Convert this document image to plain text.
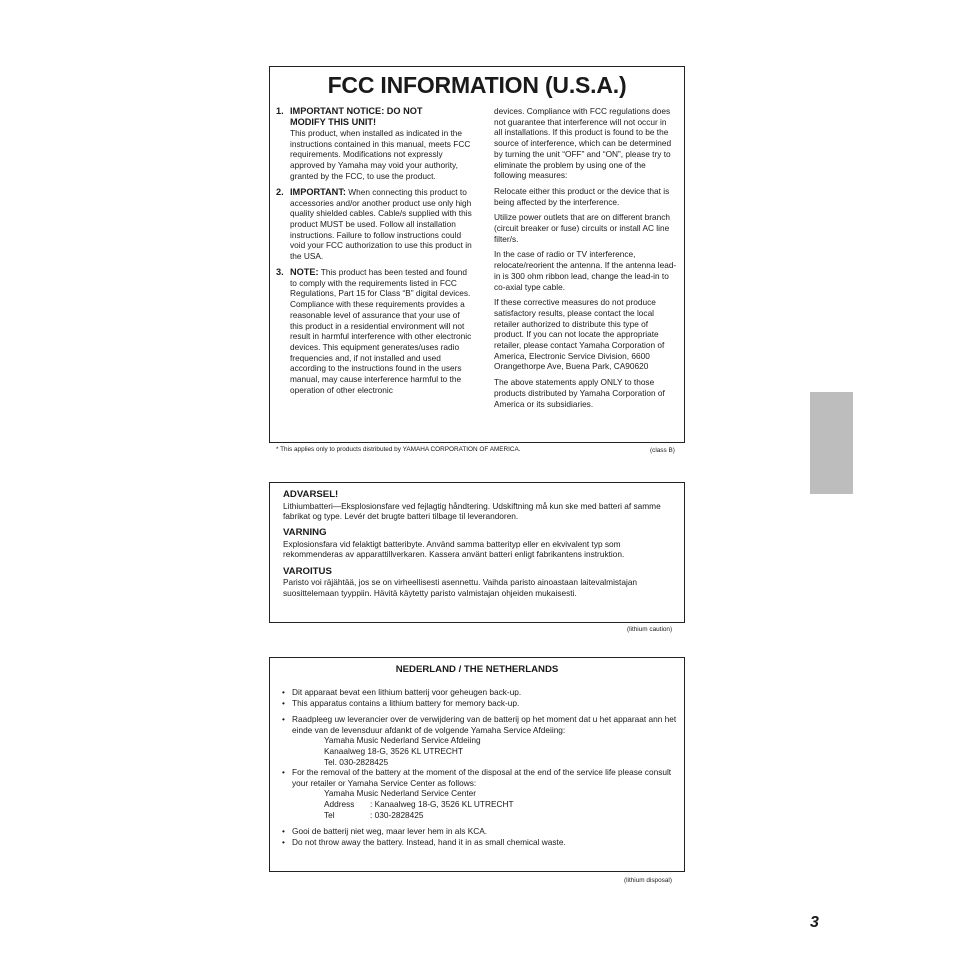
FCC INFORMATION (U.S.A.)
1. IMPORTANT NOTICE: DO NOT
MODIFY THIS UNIT!
This product, when installed as indicated in the instructions contained in this manual, meets FCC requirements. Modifications not expressly approved by Yamaha may void your authority, granted by the FCC, to use the product.
2. IMPORTANT: When connecting this product to accessories and/or another product use only high quality shielded cables. Cable/s supplied with this product MUST be used. Follow all installation instructions. Failure to follow instructions could void your FCC authorization to use this product in the USA.
3. NOTE: This product has been tested and found to comply with the requirements listed in FCC Regulations, Part 15 for Class “B” digital devices. Compliance with these requirements provides a reasonable level of assurance that your use of this product in a residential environment will not result in harmful interference with other electronic devices. This equipment generates/uses radio frequencies and, if not installed and used according to the instructions found in the users manual, may cause interference harmful to the operation of other electronic

devices. Compliance with FCC regulations does not guarantee that interference will not occur in all installations. If this product is found to be the source of interference, which can be determined by turning the unit “OFF” and “ON”, please try to eliminate the problem by using one of the following measures:

Relocate either this product or the device that is being affected by the interference.

Utilize power outlets that are on different branch (circuit breaker or fuse) circuits or install AC line filter/s.

In the case of radio or TV interference, relocate/reorient the antenna. If the antenna lead-in is 300 ohm ribbon lead, change the lead-in to co-axial type cable.

If these corrective measures do not produce satisfactory results, please contact the local retailer authorized to distribute this type of product. If you can not locate the appropriate retailer, please contact Yamaha Corporation of America, Electronic Service Division, 6600 Orangethorpe Ave, Buena Park, CA90620

The above statements apply ONLY to those products distributed by Yamaha Corporation of America or its subsidiaries.

* This applies only to products distributed by YAMAHA CORPORATION OF AMERICA.	(class B)
ADVARSEL!

Lithiumbatteri—Eksplosionsfare ved fejlagtig håndtering. Udskiftning må kun ske med batteri af samme fabrikat og type. Levér det brugte batteri tilbage til leverandoren.

VARNING

Explosionsfara vid felaktigt batteribyte. Använd samma batterityp eller en ekvivalent typ som rekommenderas av apparattillverkaren. Kassera använt batteri enligt fabrikantens instruktion.

VAROITUS

Paristo voi räjähtää, jos se on virheellisesti asennettu. Vaihda paristo ainoastaan laitevalmistajan suosittelemaan tyyppiin. Hävitä käytetty paristo valmistajan ohjeiden mukaisesti.

(lithium caution)
NEDERLAND / THE NETHERLANDS
• Dit apparaat bevat een lithium batterij voor geheugen back-up.
• This apparatus contains a lithium battery for memory back-up.
• Raadpleeg uw leverancier over de verwijdering van de batterij op het moment dat u het apparaat ann het einde van de levensduur afdankt of de volgende Yamaha Service Afdeiing:
Yamaha Music Nederland Service Afdeiing
Kanaalweg 18-G, 3526 KL UTRECHT
Tel. 030-2828425
• For the removal of the battery at the moment of the disposal at the end of the service life please consult your retailer or Yamaha Service Center as follows:
Yamaha Music Nederland Service Center
Address	: Kanaalweg 18-G, 3526 KL UTRECHT
Tel	: 030-2828425
• Gooi de batterij niet weg, maar lever hem in als KCA.
• Do not throw away the battery. Instead, hand it in as small chemical waste.
(lithium disposal)
3
